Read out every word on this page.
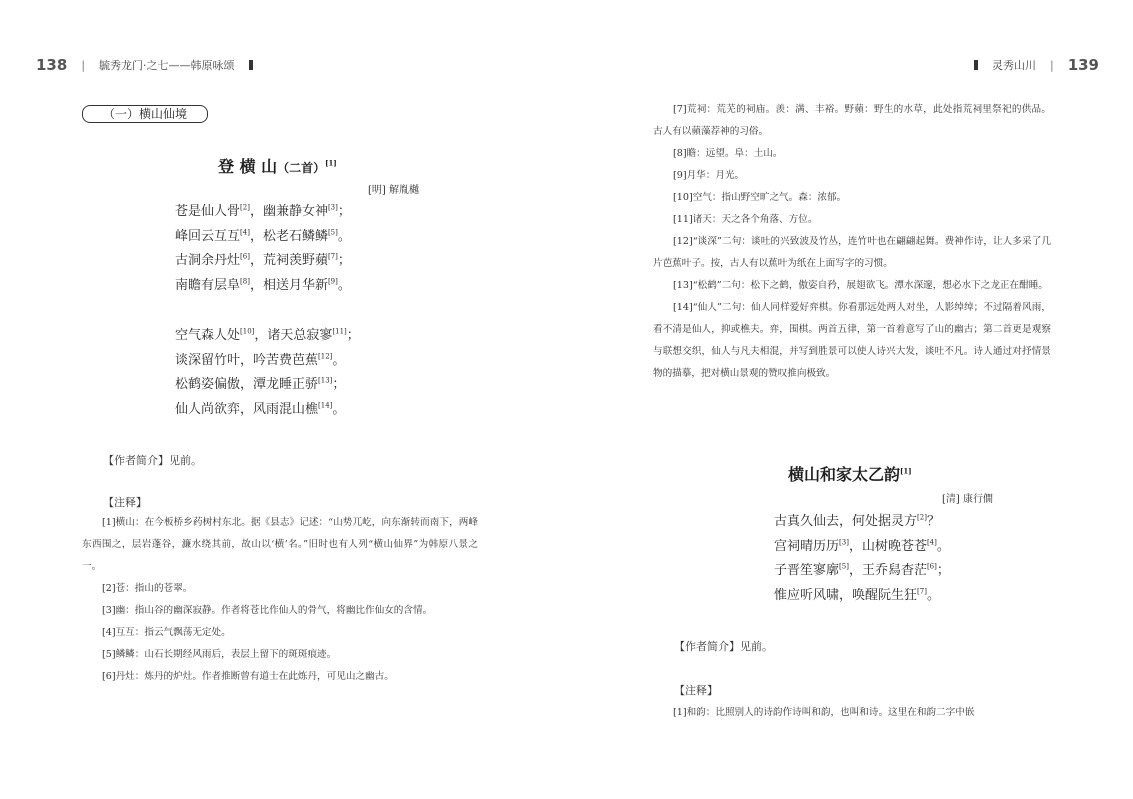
138 | 毓秀龙门·之七——韩原咏颂
（一）横山仙境
登 横 山（二首）[1]
[明] 解胤樾
苍是仙人骨[2]，幽兼静女神[3]；
峰回云互互[4]，松老石鳞鳞[5]。
古洞余丹灶[6]，荒祠羡野蘋[7]；
南瞻有层阜[8]，相送月华新[9]。
空气森人处[10]，诸天总寂寥[11]；
谈深留竹叶，吟苦费芭蕉[12]。
松鹤姿偏傲，潭龙睡正骄[13]；
仙人尚欲弈，风雨混山樵[14]。
【作者简介】见前。
【注释】

[1]横山：在今板桥乡药树村东北。据《县志》记述：“山势兀屹，向东渐转而南下，两峰东西围之，层岩蓬谷，濂水绕其前，故山以‘横’名。”旧时也有人列“横山仙界”为韩原八景之一。

[2]苍：指山的苍翠。

[3]幽：指山谷的幽深寂静。作者将苍比作仙人的骨气，将幽比作仙女的含情。

[4]互互：指云气飘荡无定处。

[5]鳞鳞：山石长期经风雨后，表层上留下的斑斑痕迹。

[6]丹灶：炼丹的炉灶。作者推断曾有道士在此炼丹，可见山之幽古。

灵秀山川 | 139

[7]荒祠：荒芜的祠庙。羡：满、丰裕。野蘋：野生的水草，此处指荒祠里祭祀的供品。古人有以蘋藻荐神的习俗。

[8]瞻：远望。阜：土山。

[9]月华：月光。

[10]空气：指山野空旷之气。森：浓郁。

[11]诸天：天之各个角落、方位。

[12]“谈深”二句：谈吐的兴致波及竹丛，连竹叶也在翩翩起舞。费神作诗，让人多采了几片芭蕉叶子。按，古人有以蕉叶为纸在上面写字的习惯。

[13]“松鹤”二句：松下之鹤，傲姿自矜，展翅欲飞。潭水深邃，想必水下之龙正在酣睡。

[14]“仙人”二句：仙人同样爱好弈棋。你看那远处两人对坐，人影绰绰；不过隔着风雨，看不清是仙人，抑或樵夫。弈，围棋。两首五律，第一首着意写了山的幽古；第二首更是观察与联想交织，仙人与凡夫相混，并写到胜景可以使人诗兴大发，谈吐不凡。诗人通过对抒情景物的描摹，把对横山景观的赞叹推向极致。

横山和家太乙韵[1]
[清] 康行僩
古真久仙去，何处据灵方[2]？
宫祠晴历历[3]，山树晚苍苍[4]。
子晋笙寥廓[5]，王乔舄杳茫[6]；
惟应听风啸，唤醒阮生狂[7]。
【作者简介】见前。
【注释】

[1]和韵：比照别人的诗韵作诗叫和韵，也叫和诗。这里在和韵二字中嵌
